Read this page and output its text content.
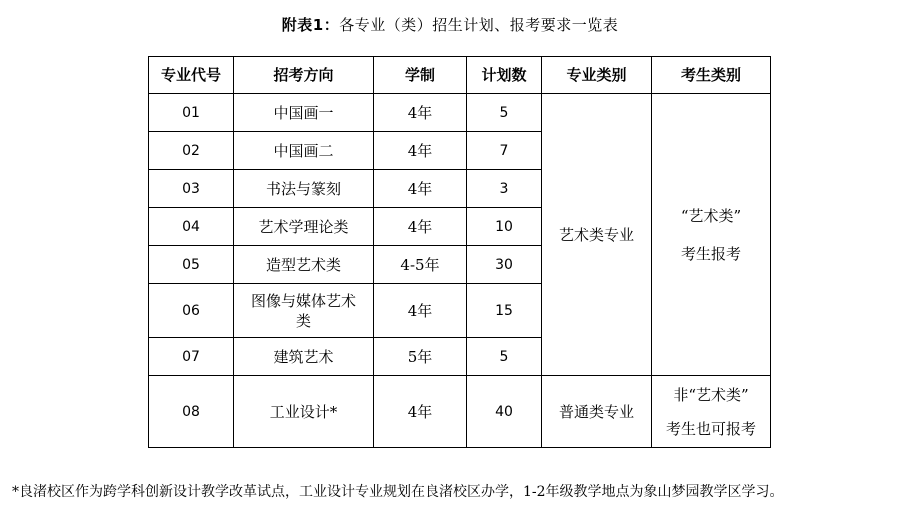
附表1：各专业（类）招生计划、报考要求一览表
专业代号	招考方向	学制	计划数	专业类别	考生类别
01	中国画一	4年	5	艺术类专业	“艺术类”
考生报考

02	中国画二	4年	7		
03	书法与篆刻	4年	3		
04	艺术学理论类	4年	10		
05	造型艺术类	4-5年	30		
06	图像与媒体艺术类	4年	15		
07	建筑艺术	5年	5		
08	工业设计*	4年	40	普通类专业	非“艺术类”
考生也可报考
*良渚校区作为跨学科创新设计教学改革试点，工业设计专业规划在良渚校区办学，1-2年级教学地点为象山梦园教学区学习。
